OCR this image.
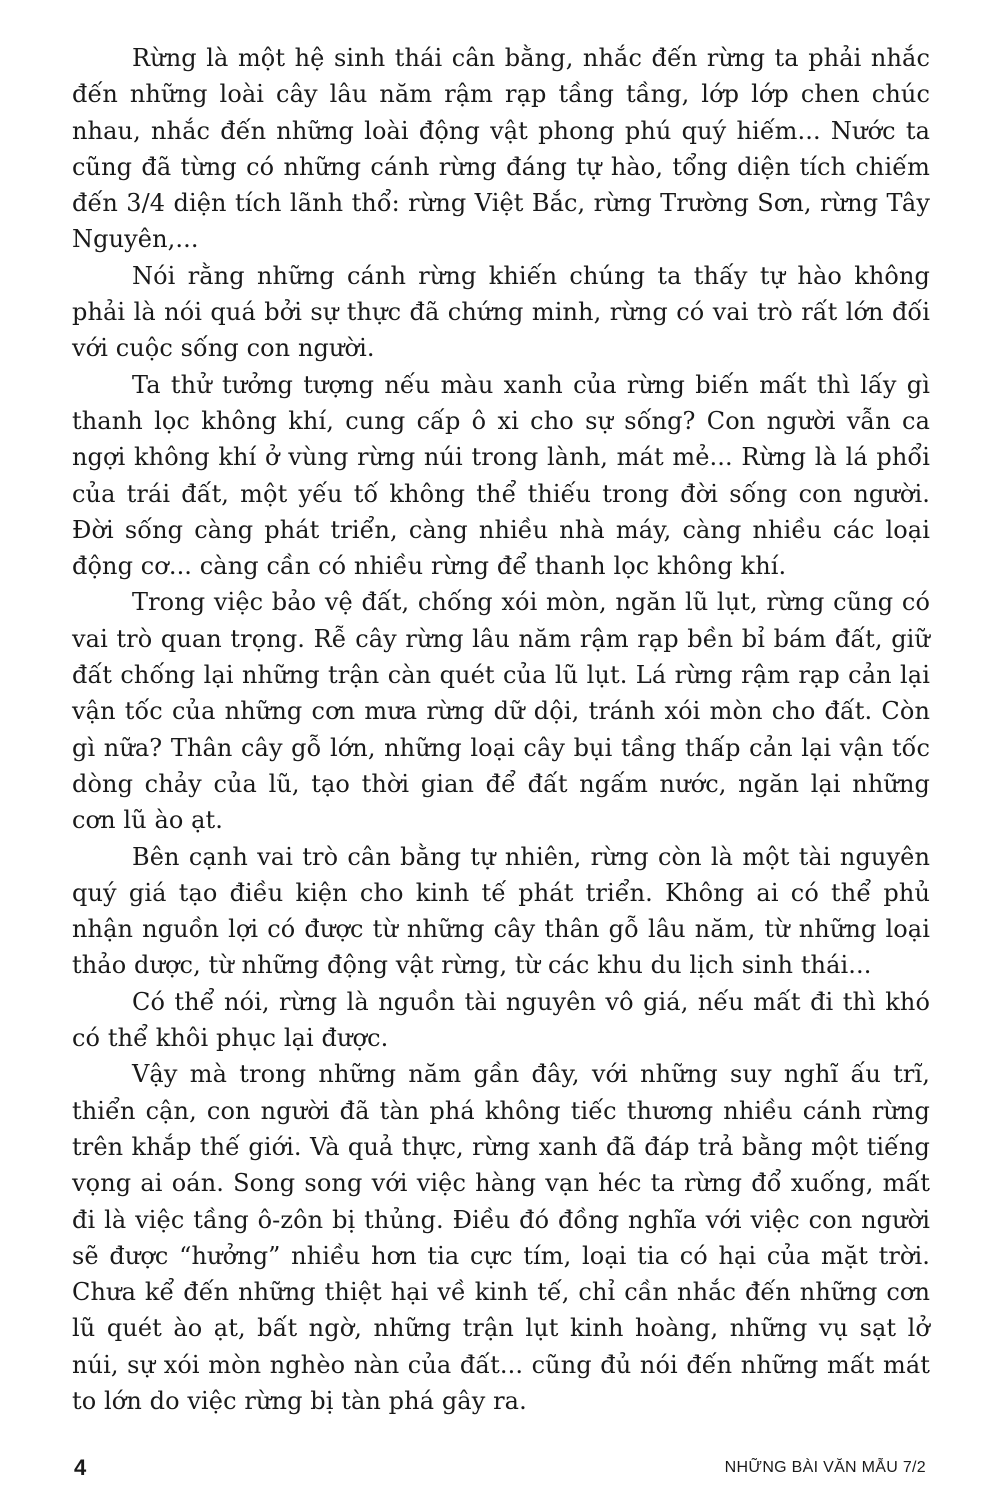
Rừng là một hệ sinh thái cân bằng, nhắc đến rừng ta phải nhắc đến những loài cây lâu năm rậm rạp tầng tầng, lớp lớp chen chúc nhau, nhắc đến những loài động vật phong phú quý hiếm... Nước ta cũng đã từng có những cánh rừng đáng tự hào, tổng diện tích chiếm đến 3/4 diện tích lãnh thổ: rừng Việt Bắc, rừng Trường Sơn, rừng Tây Nguyên,...

Nói rằng những cánh rừng khiến chúng ta thấy tự hào không phải là nói quá bởi sự thực đã chứng minh, rừng có vai trò rất lớn đối với cuộc sống con người.

Ta thử tưởng tượng nếu màu xanh của rừng biến mất thì lấy gì thanh lọc không khí, cung cấp ô xi cho sự sống? Con người vẫn ca ngợi không khí ở vùng rừng núi trong lành, mát mẻ... Rừng là lá phổi của trái đất, một yếu tố không thể thiếu trong đời sống con người. Đời sống càng phát triển, càng nhiều nhà máy, càng nhiều các loại động cơ... càng cần có nhiều rừng để thanh lọc không khí.

Trong việc bảo vệ đất, chống xói mòn, ngăn lũ lụt, rừng cũng có vai trò quan trọng. Rễ cây rừng lâu năm rậm rạp bền bỉ bám đất, giữ đất chống lại những trận càn quét của lũ lụt. Lá rừng rậm rạp cản lại vận tốc của những cơn mưa rừng dữ dội, tránh xói mòn cho đất. Còn gì nữa? Thân cây gỗ lớn, những loại cây bụi tầng thấp cản lại vận tốc dòng chảy của lũ, tạo thời gian để đất ngấm nước, ngăn lại những cơn lũ ào ạt.

Bên cạnh vai trò cân bằng tự nhiên, rừng còn là một tài nguyên quý giá tạo điều kiện cho kinh tế phát triển. Không ai có thể phủ nhận nguồn lợi có được từ những cây thân gỗ lâu năm, từ những loại thảo dược, từ những động vật rừng, từ các khu du lịch sinh thái...

Có thể nói, rừng là nguồn tài nguyên vô giá, nếu mất đi thì khó có thể khôi phục lại được.

Vậy mà trong những năm gần đây, với những suy nghĩ ấu trĩ, thiển cận, con người đã tàn phá không tiếc thương nhiều cánh rừng trên khắp thế giới. Và quả thực, rừng xanh đã đáp trả bằng một tiếng vọng ai oán. Song song với việc hàng vạn héc ta rừng đổ xuống, mất đi là việc tầng ô-zôn bị thủng. Điều đó đồng nghĩa với việc con người sẽ được “hưởng” nhiều hơn tia cực tím, loại tia có hại của mặt trời. Chưa kể đến những thiệt hại về kinh tế, chỉ cần nhắc đến những cơn lũ quét ào ạt, bất ngờ, những trận lụt kinh hoàng, những vụ sạt lở núi, sự xói mòn nghèo nàn của đất... cũng đủ nói đến những mất mát to lớn do việc rừng bị tàn phá gây ra.

4	NHỮNG BÀI VĂN MẪU 7/2
